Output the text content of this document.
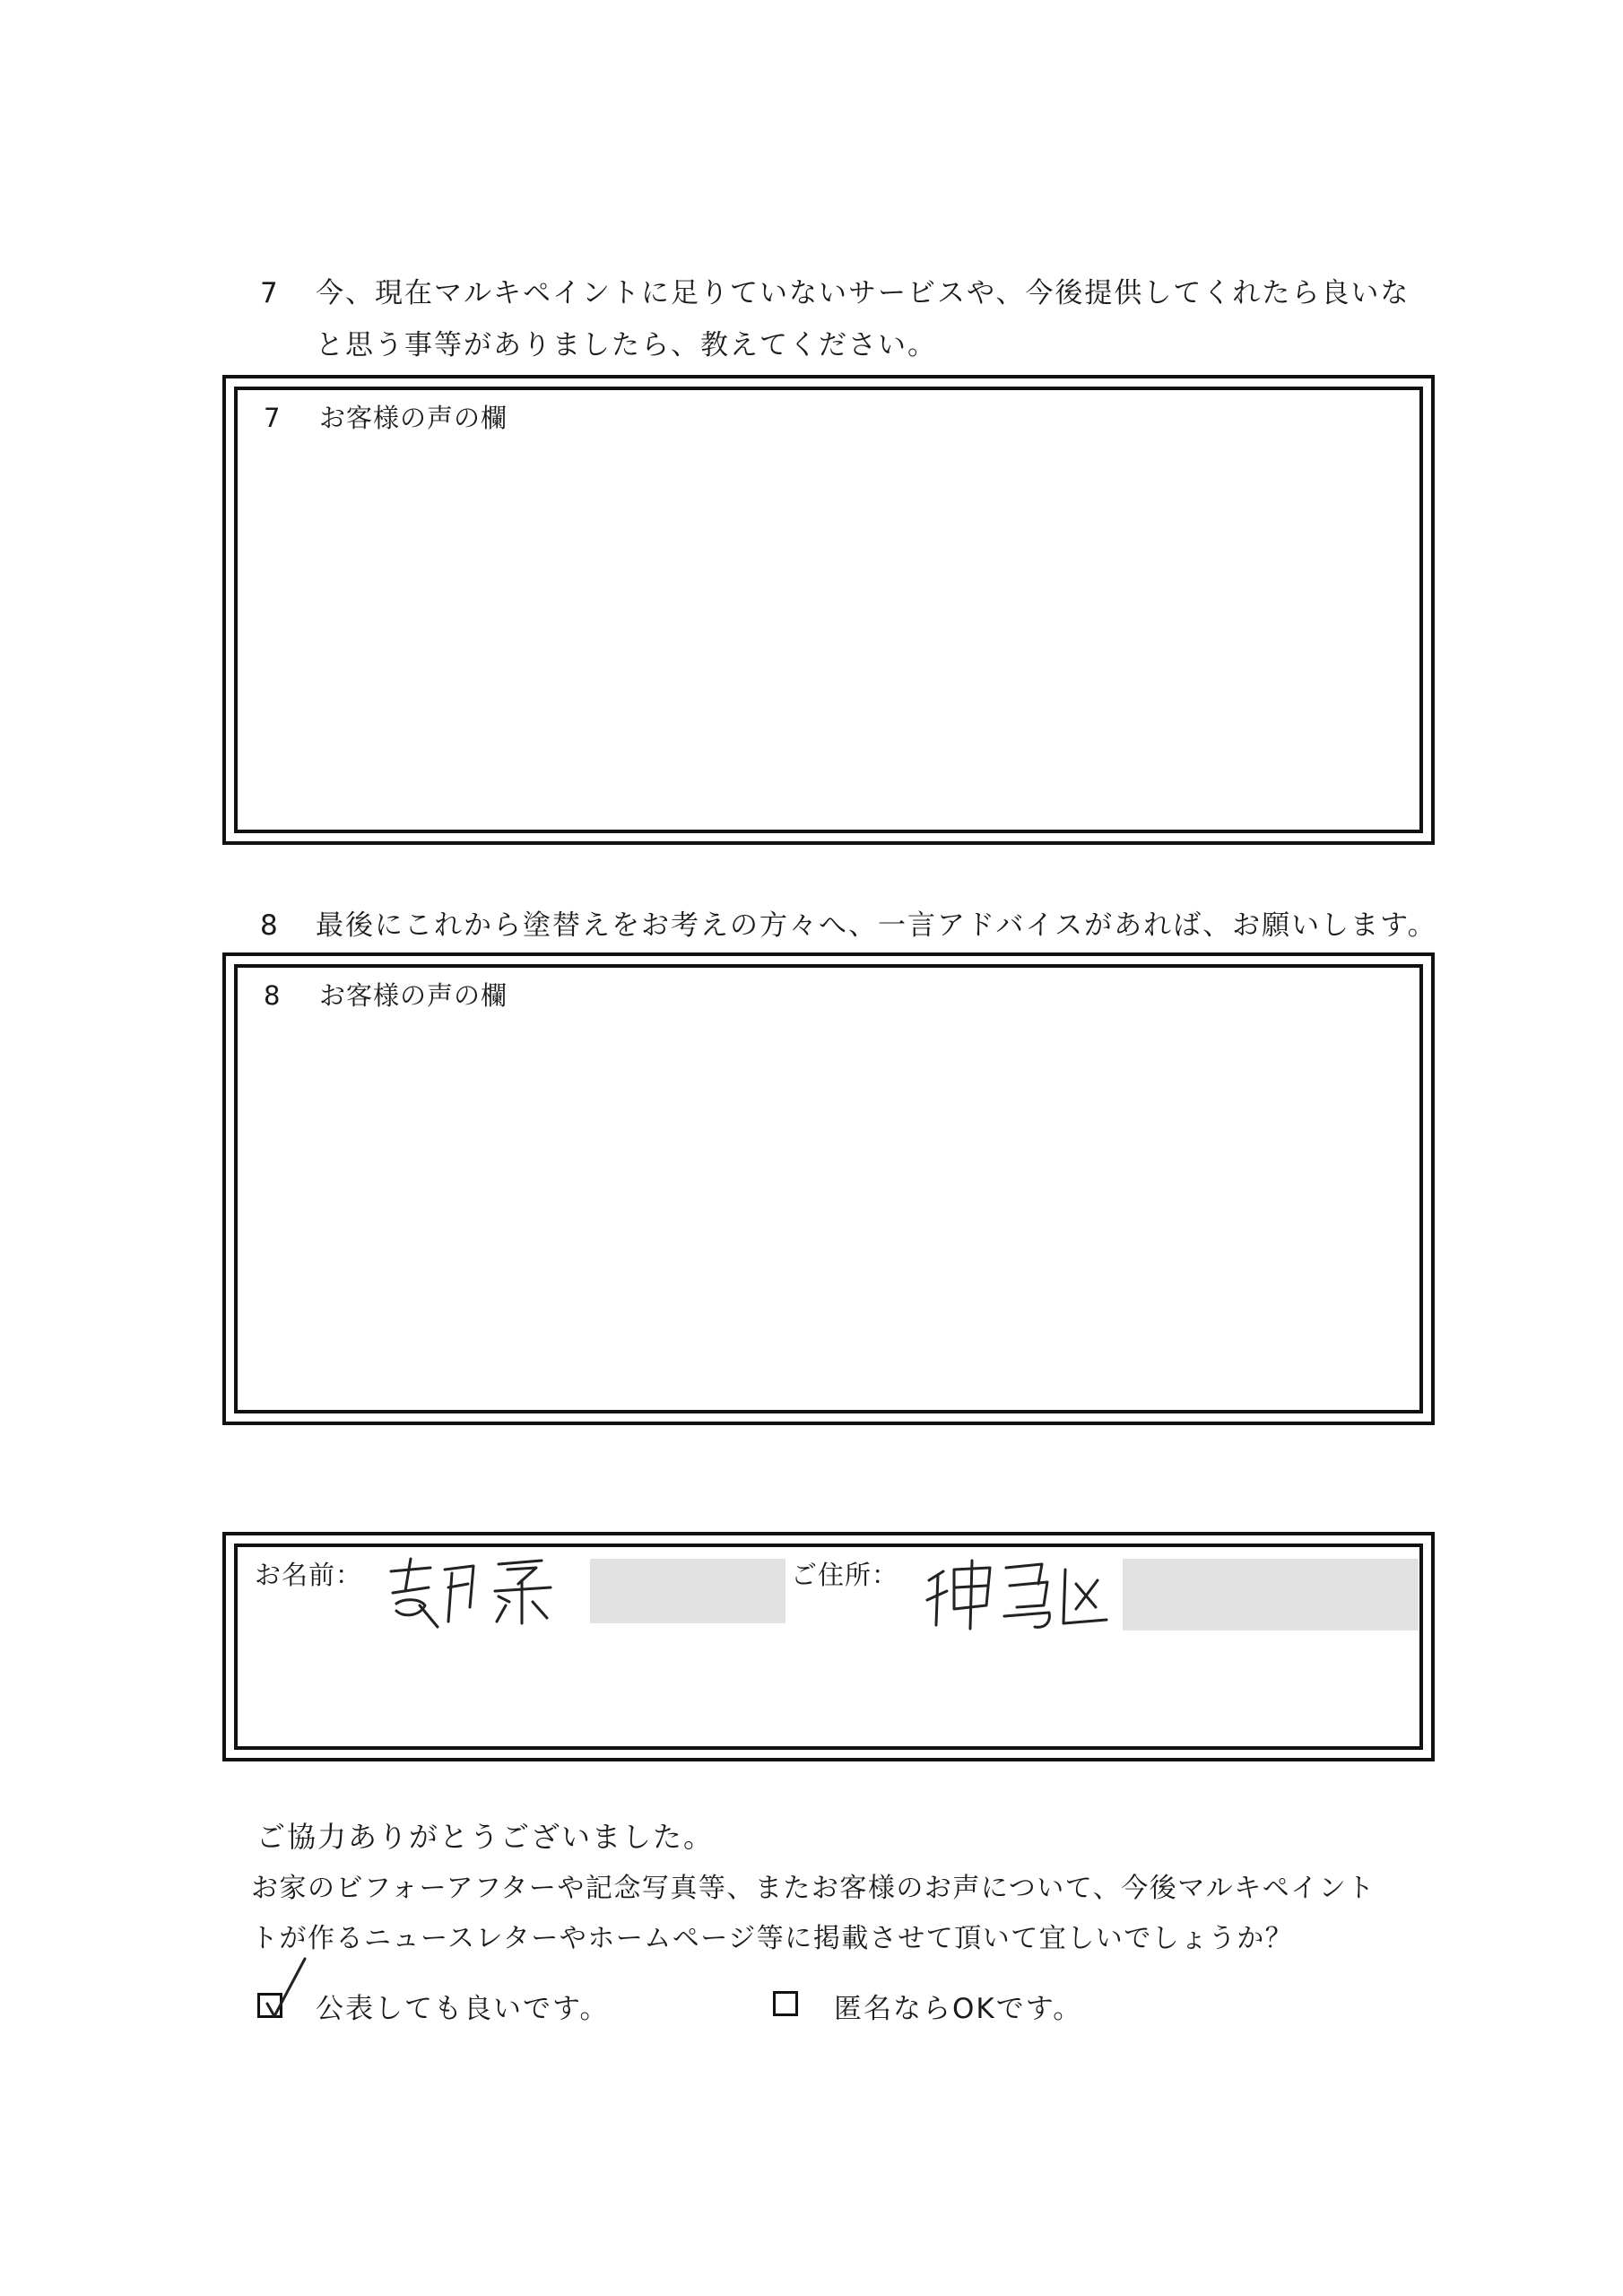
7 今、現在マルキペイントに足りていないサービスや、今後提供してくれたら良いな
と思う事等がありましたら、教えてください。
7 お客様の声の欄
8 最後にこれから塗替えをお考えの方々へ、一言アドバイスがあれば、お願いします。
8 お客様の声の欄
お名前：	ご住所：
ご協力ありがとうございました。
お家のビフォーアフターや記念写真等、またお客様のお声について、今後マルキペイント
トが作るニュースレターやホームページ等に掲載させて頂いて宜しいでしょうか？
公表しても良いです。	匿名ならOKです。
